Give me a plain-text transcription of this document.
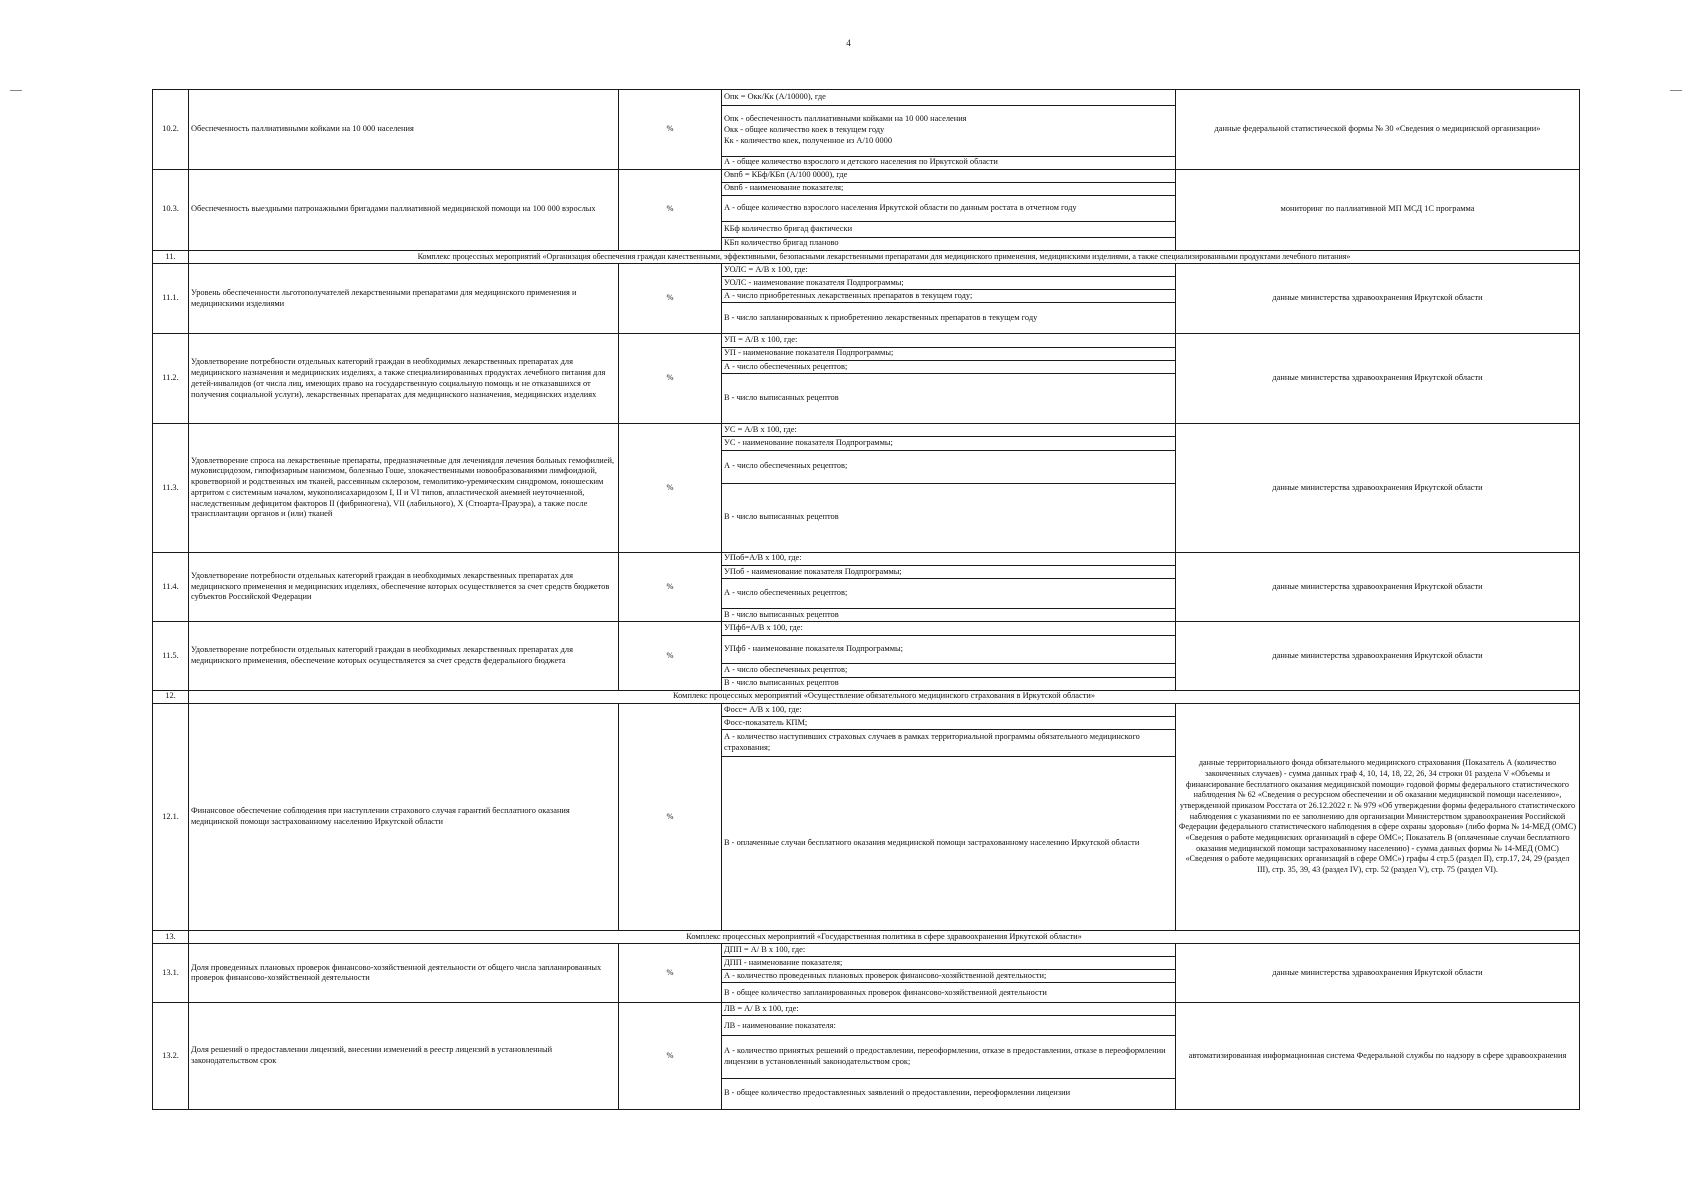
4
10.2.	Обеспеченность паллиативными койками на 10 000 населения	%	Опк = Окк/Кк (А/10000), где	данные федеральной статистической формы № 30 «Сведения о медицинской организации»
			Опк - обеспеченность паллиативными койками на 10 000 населения
Окк - общее количество коек в текущем году
Кк - количество коек, полученное из А/10 0000	
			А - общее количество взрослого и детского населения по Иркутской области	
10.3.	Обеспеченность выездными патронажными бригадами паллиативной медицинской помощи на 100 000 взрослых	%	Овпб = КБф/КБп (А/100 0000), где	мониторинг по паллиативной МП МСД 1С программа
			Овпб - наименование показателя;	
			А - общее количество взрослого населения Иркутской области по данным ростата в отчетном году	
			КБф количество бригад фактически	
			КБп количество бригад планово	
11.	Комплекс процессных мероприятий «Организация обеспечения граждан качественными, эффективными, безопасными лекарственными препаратами для медицинского применения, медицинскими изделиями, а также специализированными продуктами лечебного питания»			
11.1.	Уровень обеспеченности льготополучателей лекарственными препаратами для медицинского применения и медицинскими изделиями	%	УОЛС = А/В х 100, где:	данные министерства здравоохранения Иркутской области
			УОЛС - наименование показателя Подпрограммы;	
			А - число приобретенных лекарственных препаратов в текущем году;	
			В - число запланированных к приобретению лекарственных препаратов в текущем году	
11.2.	Удовлетворение потребности отдельных категорий граждан в необходимых лекарственных препаратах для медицинского назначения и медицинских изделиях, а также специализированных продуктах лечебного питания для детей-инвалидов (от числа лиц, имеющих право на государственную социальную помощь и не отказавшихся от получения социальной услуги), лекарственных препаратах для медицинского назначения, медицинских изделиях	%	УП = А/В х 100, где:	данные министерства здравоохранения Иркутской области
			УП - наименование показателя Подпрограммы;	
			А - число обеспеченных рецептов;	
			В - число выписанных рецептов	
11.3.	Удовлетворение спроса на лекарственные препараты, предназначенные для лечениядля лечения больных гемофилией, муковисцидозом, гипофизарным нанизмом, болезнью Гоше, злокачественными новообразованиями лимфоидной, кроветворной и родственных им тканей, рассеянным склерозом, гемолитико-уремическим синдромом, юношеским артритом с системным началом, мукополисахаридозом I, II и VI типов, апластической анемией неуточненной, наследственным дефицитом факторов II (фибриногена), VII (лабильного), X (Стюарта-Прауэра), а также после трансплантации органов и (или) тканей	%	УС = А/В х 100, где:	данные министерства здравоохранения Иркутской области
			УС - наименование показателя Подпрограммы;	
			А - число обеспеченных рецептов;	
			В - число выписанных рецептов	
11.4.	Удовлетворение потребности отдельных категорий граждан в необходимых лекарственных препаратах для медицинского применения и медицинских изделиях, обеспечение которых осуществляется за счет средств бюджетов субъектов Российской Федерации	%	УПоб=А/В х 100, где:	данные министерства здравоохранения Иркутской области
			УПоб - наименование показателя Подпрограммы;	
			А - число обеспеченных рецептов;	
			В - число выписанных рецептов	
11.5.	Удовлетворение потребности отдельных категорий граждан в необходимых лекарственных препаратах для медицинского применения, обеспечение которых осуществляется за счет средств федерального бюджета	%	УПфб=А/В х 100, где:	данные министерства здравоохранения Иркутской области
			УПфб - наименование показателя Подпрограммы;	
			А - число обеспеченных рецептов;	
			В - число выписанных рецептов	
12.	Комплекс процессных мероприятий «Осуществление обязательного медицинского страхования в Иркутской области»			
12.1.	Финансовое обеспечение соблюдения при наступлении страхового случая гарантий бесплатного оказания медицинской помощи застрахованному населению Иркутской области	%	Фосс= А/В х 100, где:	данные территориального фонда обязательного медицинского страхования (Показатель А (количество законченных случаев) - сумма данных граф 4, 10, 14, 18, 22, 26, 34 строки 01 раздела V «Объемы и финансирование бесплатного оказания медицинской помощи» годовой формы федерального статистического наблюдения № 62 «Сведения о ресурсном обеспечении и об оказании медицинской помощи населению», утвержденной приказом Росстата от 26.12.2022 г. № 979 «Об утверждении формы федерального статистического наблюдения с указаниями по ее заполнению для организации Министерством здравоохранения Российской Федерации федерального статистического наблюдения в сфере охраны здоровья» (либо форма № 14-МЕД (ОМС) «Сведения о работе медицинских организаций в сфере ОМС»; Показатель В (оплаченные случаи бесплатного оказания медицинской помощи застрахованному населению) - сумма данных формы № 14-МЕД (ОМС) «Сведения о работе медицинских организаций в сфере ОМС») графы 4 стр.5 (раздел II), стр.17, 24, 29 (раздел III), стр. 35, 39, 43 (раздел IV), стр. 52 (раздел V), стр. 75 (раздел VI).
			Фосс-показатель КПМ;	
			А - количество наступивших страховых случаев в рамках территориальной программы обязательного медицинского страхования;	
			В - оплаченные случаи бесплатного оказания медицинской помощи застрахованному населению Иркутской области	
13.	Комплекс процессных мероприятий «Государственная политика в сфере здравоохранения Иркутской области»			
13.1.	Доля проведенных плановых проверок финансово-хозяйственной деятельности от общего числа запланированных проверок финансово-хозяйственной деятельности	%	ДПП = А/ В х 100, где:	данные министерства здравоохранения Иркутской области
			ДПП - наименование показателя;	
			А - количество проведенных плановых проверок финансово-хозяйственной деятельности;	
			В - общее количество запланированных проверок финансово-хозяйственной деятельности	
13.2.	Доля решений о предоставлении лицензий, внесении изменений в реестр лицензий в установленный законодательством срок	%	ЛВ = А/ В х 100, где:	автоматизированная информационная система Федеральной службы по надзору в сфере здравоохранения
			ЛВ - наименование показателя:	
			А - количество принятых решений о предоставлении, переоформлении, отказе в предоставлении, отказе в переоформлении лицензии в установленный законодательством срок;	
			В - общее количество предоставленных заявлений о предоставлении, переоформлении лицензии	
